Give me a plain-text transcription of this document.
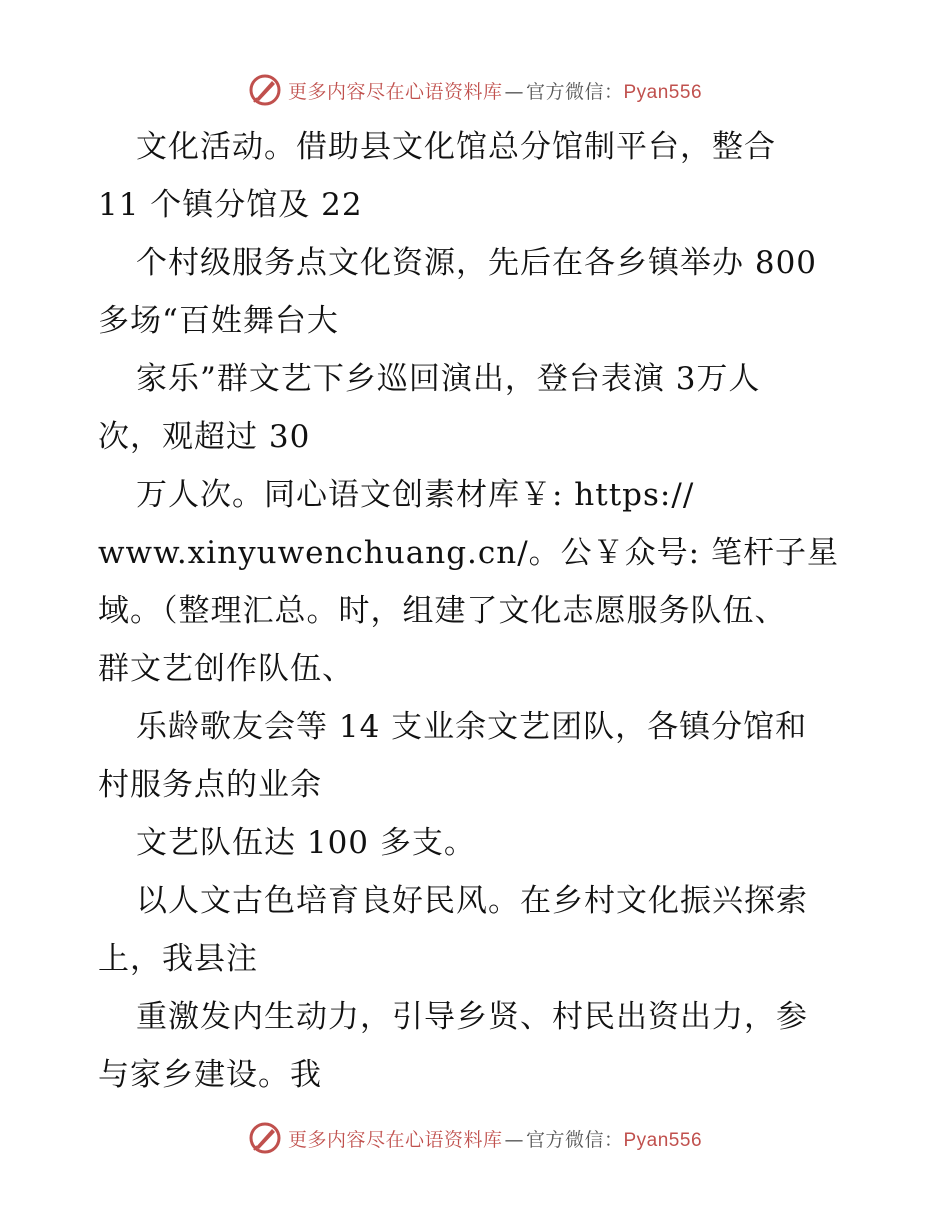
更多内容尽在心语资料库 — 官方微信：Pyan556
文化活动。借助县文化馆总分馆制平台，整合
11 个镇分馆及 22
个村级服务点文化资源，先后在各乡镇举办 800
多场“百姓舞台大
家乐”群文艺下乡巡回演出，登台表演 3万人
次，观超过 30
万人次。同心语文创素材库￥: https://
www.xinyuwenchuang.cn/。公￥众号: 笔杆子星
域。（整理汇总。时，组建了文化志愿服务队伍、
群文艺创作队伍、
乐龄歌友会等 14 支业余文艺团队，各镇分馆和
村服务点的业余
文艺队伍达 100 多支。
以人文古色培育良好民风。在乡村文化振兴探索
上，我县注
重激发内生动力，引导乡贤、村民出资出力，参
与家乡建设。我
更多内容尽在心语资料库 — 官方微信：Pyan556
